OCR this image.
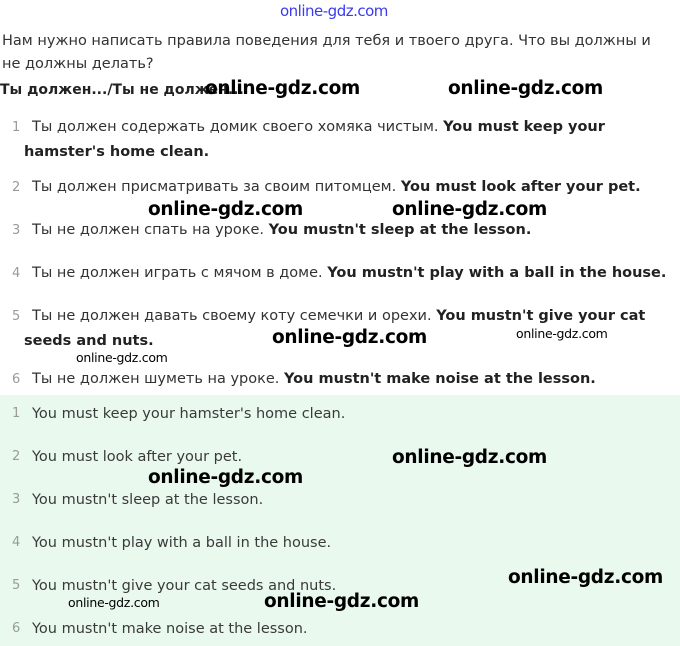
online-gdz.com
Нам нужно написать правила поведения для тебя и твоего друга. Что вы должны и не должны делать?
Ты должен.../Ты не должен...
1 Ты должен содержать домик своего хомяка чистым. You must keep your hamster's home clean.
2 Ты должен присматривать за своим питомцем. You must look after your pet.
3 Ты не должен спать на уроке. You mustn't sleep at the lesson.
4 Ты не должен играть с мячом в доме. You mustn't play with a ball in the house.
5 Ты не должен давать своему коту семечки и орехи. You mustn't give your cat seeds and nuts.
6 Ты не должен шуметь на уроке. You mustn't make noise at the lesson.
1 You must keep your hamster's home clean.
2 You must look after your pet.
3 You mustn't sleep at the lesson.
4 You mustn't play with a ball in the house.
5 You mustn't give your cat seeds and nuts.
6 You mustn't make noise at the lesson.
online-gdz.com	online-gdz.com
online-gdz.com	online-gdz.com
online-gdz.com	online-gdz.com
online-gdz.com
online-gdz.com
online-gdz.com
online-gdz.com
online-gdz.com	online-gdz.com
